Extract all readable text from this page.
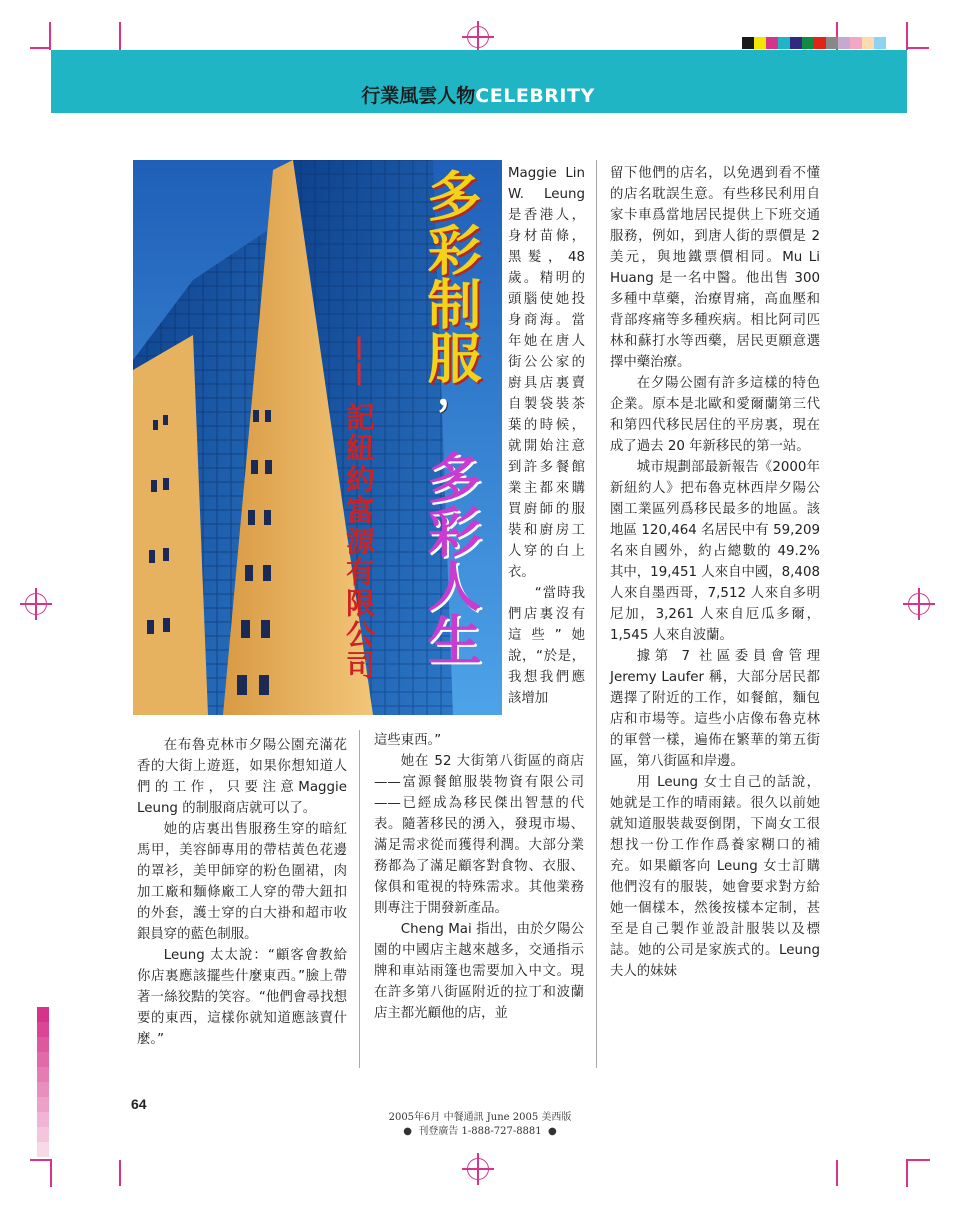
行業風雲人物CELEBRITY
多彩制服
，
多彩人生
——
記紐約富源有限公司

Maggie Lin W. Leung 是香港人，身材苗條，黑髮，48歲。精明的頭腦使她投身商海。當年她在唐人街公公家的廚具店裏賣自製袋裝茶葉的時候，就開始注意到許多餐館業主都來購買廚師的服裝和廚房工人穿的白上衣。

“當時我們店裏沒有這些”她說，“於是，我想我們應該增加

在布魯克林市夕陽公園充滿花香的大街上遊逛，如果你想知道人們的工作，只要注意Maggie Leung 的制服商店就可以了。

她的店裏出售服務生穿的暗紅馬甲，美容師專用的帶桔黃色花邊的罩衫，美甲師穿的粉色圍裙，肉加工廠和麵條廠工人穿的帶大鈕扣的外套，護士穿的白大褂和超市收銀員穿的藍色制服。

Leung 太太說：“顧客會教給你店裏應該擺些什麼東西。”臉上帶著一絲狡黠的笑容。“他們會尋找想要的東西，這樣你就知道應該賣什麼。”

這些東西。”

她在 52 大街第八街區的商店——富源餐館服裝物資有限公司——已經成為移民傑出智慧的代表。隨著移民的湧入，發現市場、滿足需求從而獲得利潤。大部分業務都為了滿足顧客對食物、衣服、傢俱和電視的特殊需求。其他業務則專注于開發新產品。

Cheng Mai 指出，由於夕陽公園的中國店主越來越多，交通指示牌和車站雨篷也需要加入中文。現在許多第八街區附近的拉丁和波蘭店主都光顧他的店，並

留下他們的店名，以免遇到看不懂的店名耽誤生意。有些移民利用自家卡車爲當地居民提供上下班交通服務，例如，到唐人街的票價是 2 美元，與地鐵票價相同。Mu Li Huang 是一名中醫。他出售 300多種中草藥，治療胃痛，高血壓和背部疼痛等多種疾病。相比阿司匹林和蘇打水等西藥，居民更願意選擇中藥治療。

在夕陽公園有許多這樣的特色企業。原本是北歐和愛爾蘭第三代和第四代移民居住的平房裏，現在成了過去 20 年新移民的第一站。

城市規劃部最新報告《2000年新紐約人》把布魯克林西岸夕陽公園工業區列爲移民最多的地區。該地區 120,464 名居民中有 59,209 名來自國外，約占總數的 49.2% 其中，19,451 人來自中國，8,408 人來自墨西哥，7,512 人來自多明尼加，3,261 人來自厄瓜多爾，1,545 人來自波蘭。

據第 7 社區委員會管理 Jeremy Laufer 稱，大部分居民都選擇了附近的工作，如餐館，麵包店和市場等。這些小店像布魯克林的軍營一樣，遍佈在繁華的第五街區，第八街區和岸邊。

用 Leung 女士自己的話說，她就是工作的晴雨錶。很久以前她就知道服裝裁耍倒閉，下崗女工很想找一份工作作爲養家糊口的補充。如果顧客向 Leung 女士訂購他們沒有的服裝，她會要求對方給她一個樣本，然後按樣本定制，甚至是自己製作並設計服裝以及標誌。她的公司是家族式的。Leung　夫人的妹妹

64
2005年6月 中餐通訊 June 2005 美西版
●  刊登廣告 1-888-727-8881  ●
